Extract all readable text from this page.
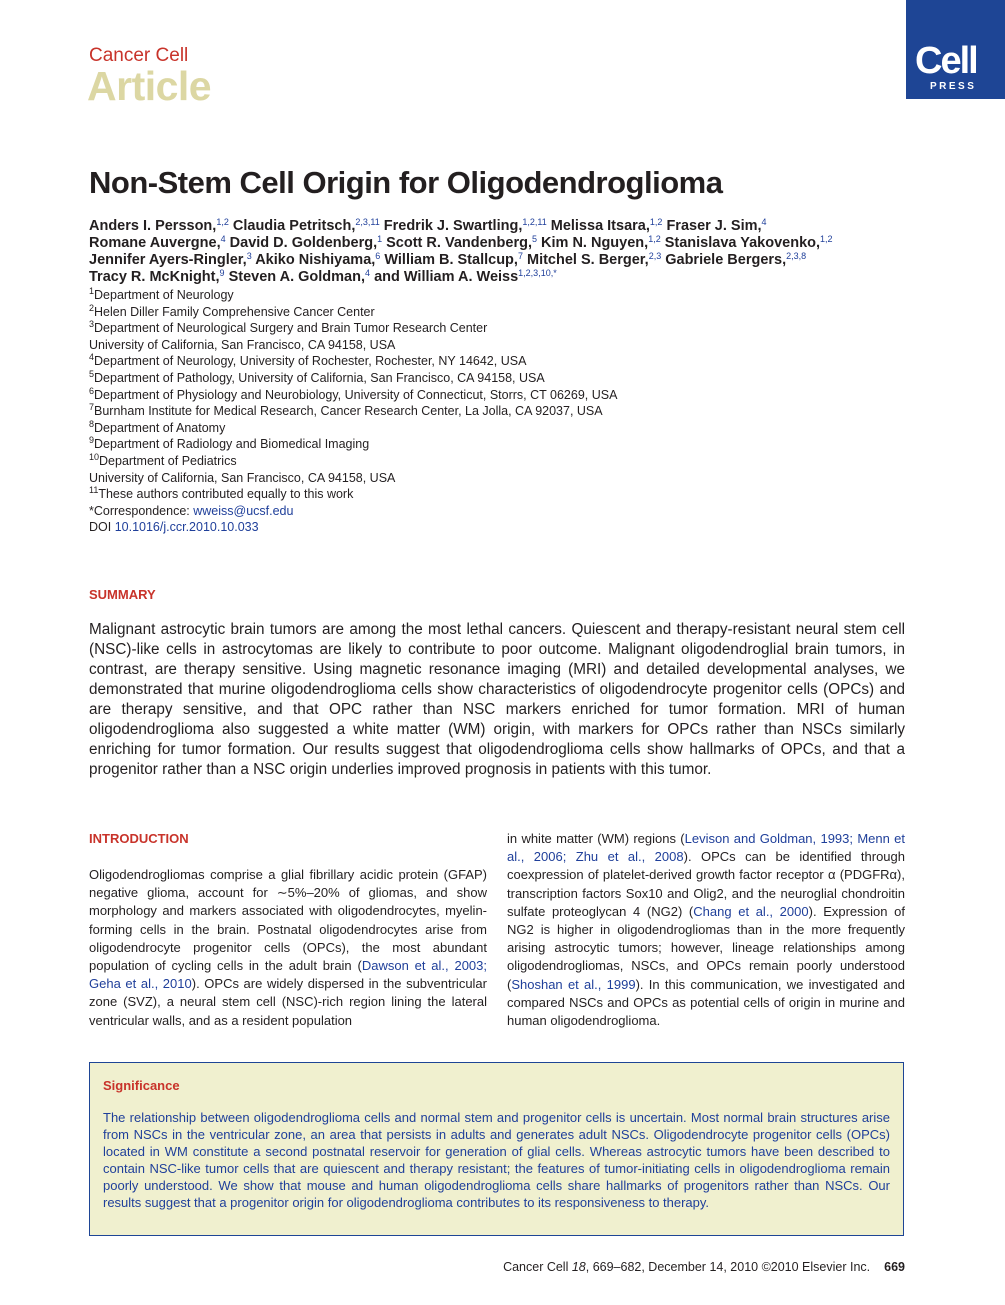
Cancer Cell
Article
Cell
PRESS
Non-Stem Cell Origin for Oligodendroglioma
Anders I. Persson,$^{1,2}$ Claudia Petritsch,$^{2,3,11}$ Fredrik J. Swartling,$^{1,2,11}$ Melissa Itsara,$^{1,2}$ Fraser J. Sim,$^4$
Romane Auvergne,$^4$ David D. Goldenberg,$^1$ Scott R. Vandenberg,$^5$ Kim N. Nguyen,$^{1,2}$ Stanislava Yakovenko,$^{1,2}$
Jennifer Ayers-Ringler,$^3$ Akiko Nishiyama,$^6$ William B. Stallcup,$^7$ Mitchel S. Berger,$^{2,3}$ Gabriele Bergers,$^{2,3,8}$
Tracy R. McKnight,$^9$ Steven A. Goldman,$^4$ and William A. Weiss$^{1,2,3,10,*}$
$^1$Department of Neurology
$^2$Helen Diller Family Comprehensive Cancer Center
$^3$Department of Neurological Surgery and Brain Tumor Research Center
University of California, San Francisco, CA 94158, USA
$^4$Department of Neurology, University of Rochester, Rochester, NY 14642, USA
$^5$Department of Pathology, University of California, San Francisco, CA 94158, USA
$^6$Department of Physiology and Neurobiology, University of Connecticut, Storrs, CT 06269, USA
$^7$Burnham Institute for Medical Research, Cancer Research Center, La Jolla, CA 92037, USA
$^8$Department of Anatomy
$^9$Department of Radiology and Biomedical Imaging
$^{10}$Department of Pediatrics
University of California, San Francisco, CA 94158, USA
$^{11}$These authors contributed equally to this work
*Correspondence: wweiss@ucsf.edu
DOI 10.1016/j.ccr.2010.10.033
SUMMARY
Malignant astrocytic brain tumors are among the most lethal cancers. Quiescent and therapy-resistant neural stem cell (NSC)-like cells in astrocytomas are likely to contribute to poor outcome. Malignant oligodendroglial brain tumors, in contrast, are therapy sensitive. Using magnetic resonance imaging (MRI) and detailed developmental analyses, we demonstrated that murine oligodendroglioma cells show characteristics of oligodendrocyte progenitor cells (OPCs) and are therapy sensitive, and that OPC rather than NSC markers enriched for tumor formation. MRI of human oligodendroglioma also suggested a white matter (WM) origin, with markers for OPCs rather than NSCs similarly enriching for tumor formation. Our results suggest that oligodendroglioma cells show hallmarks of OPCs, and that a progenitor rather than a NSC origin underlies improved prognosis in patients with this tumor.
INTRODUCTION
Oligodendrogliomas comprise a glial fibrillary acidic protein (GFAP) negative glioma, account for ∼5%–20% of gliomas, and show morphology and markers associated with oligodendrocytes, myelin-forming cells in the brain. Postnatal oligodendrocytes arise from oligodendrocyte progenitor cells (OPCs), the most abundant population of cycling cells in the adult brain (Dawson et al., 2003; Geha et al., 2010). OPCs are widely dispersed in the subventricular zone (SVZ), a neural stem cell (NSC)-rich region lining the lateral ventricular walls, and as a resident population
in white matter (WM) regions (Levison and Goldman, 1993; Menn et al., 2006; Zhu et al., 2008). OPCs can be identified through coexpression of platelet-derived growth factor receptor α (PDGFRα), transcription factors Sox10 and Olig2, and the neuroglial chondroitin sulfate proteoglycan 4 (NG2) (Chang et al., 2000). Expression of NG2 is higher in oligodendrogliomas than in the more frequently arising astrocytic tumors; however, lineage relationships among oligodendrogliomas, NSCs, and OPCs remain poorly understood (Shoshan et al., 1999). In this communication, we investigated and compared NSCs and OPCs as potential cells of origin in murine and human oligodendroglioma.
Significance
The relationship between oligodendroglioma cells and normal stem and progenitor cells is uncertain. Most normal brain structures arise from NSCs in the ventricular zone, an area that persists in adults and generates adult NSCs. Oligodendrocyte progenitor cells (OPCs) located in WM constitute a second postnatal reservoir for generation of glial cells. Whereas astrocytic tumors have been described to contain NSC-like tumor cells that are quiescent and therapy resistant; the features of tumor-initiating cells in oligodendroglioma remain poorly understood. We show that mouse and human oligodendroglioma cells share hallmarks of progenitors rather than NSCs. Our results suggest that a progenitor origin for oligodendroglioma contributes to its responsiveness to therapy.
Cancer Cell 18, 669–682, December 14, 2010 ©2010 Elsevier Inc. 669
